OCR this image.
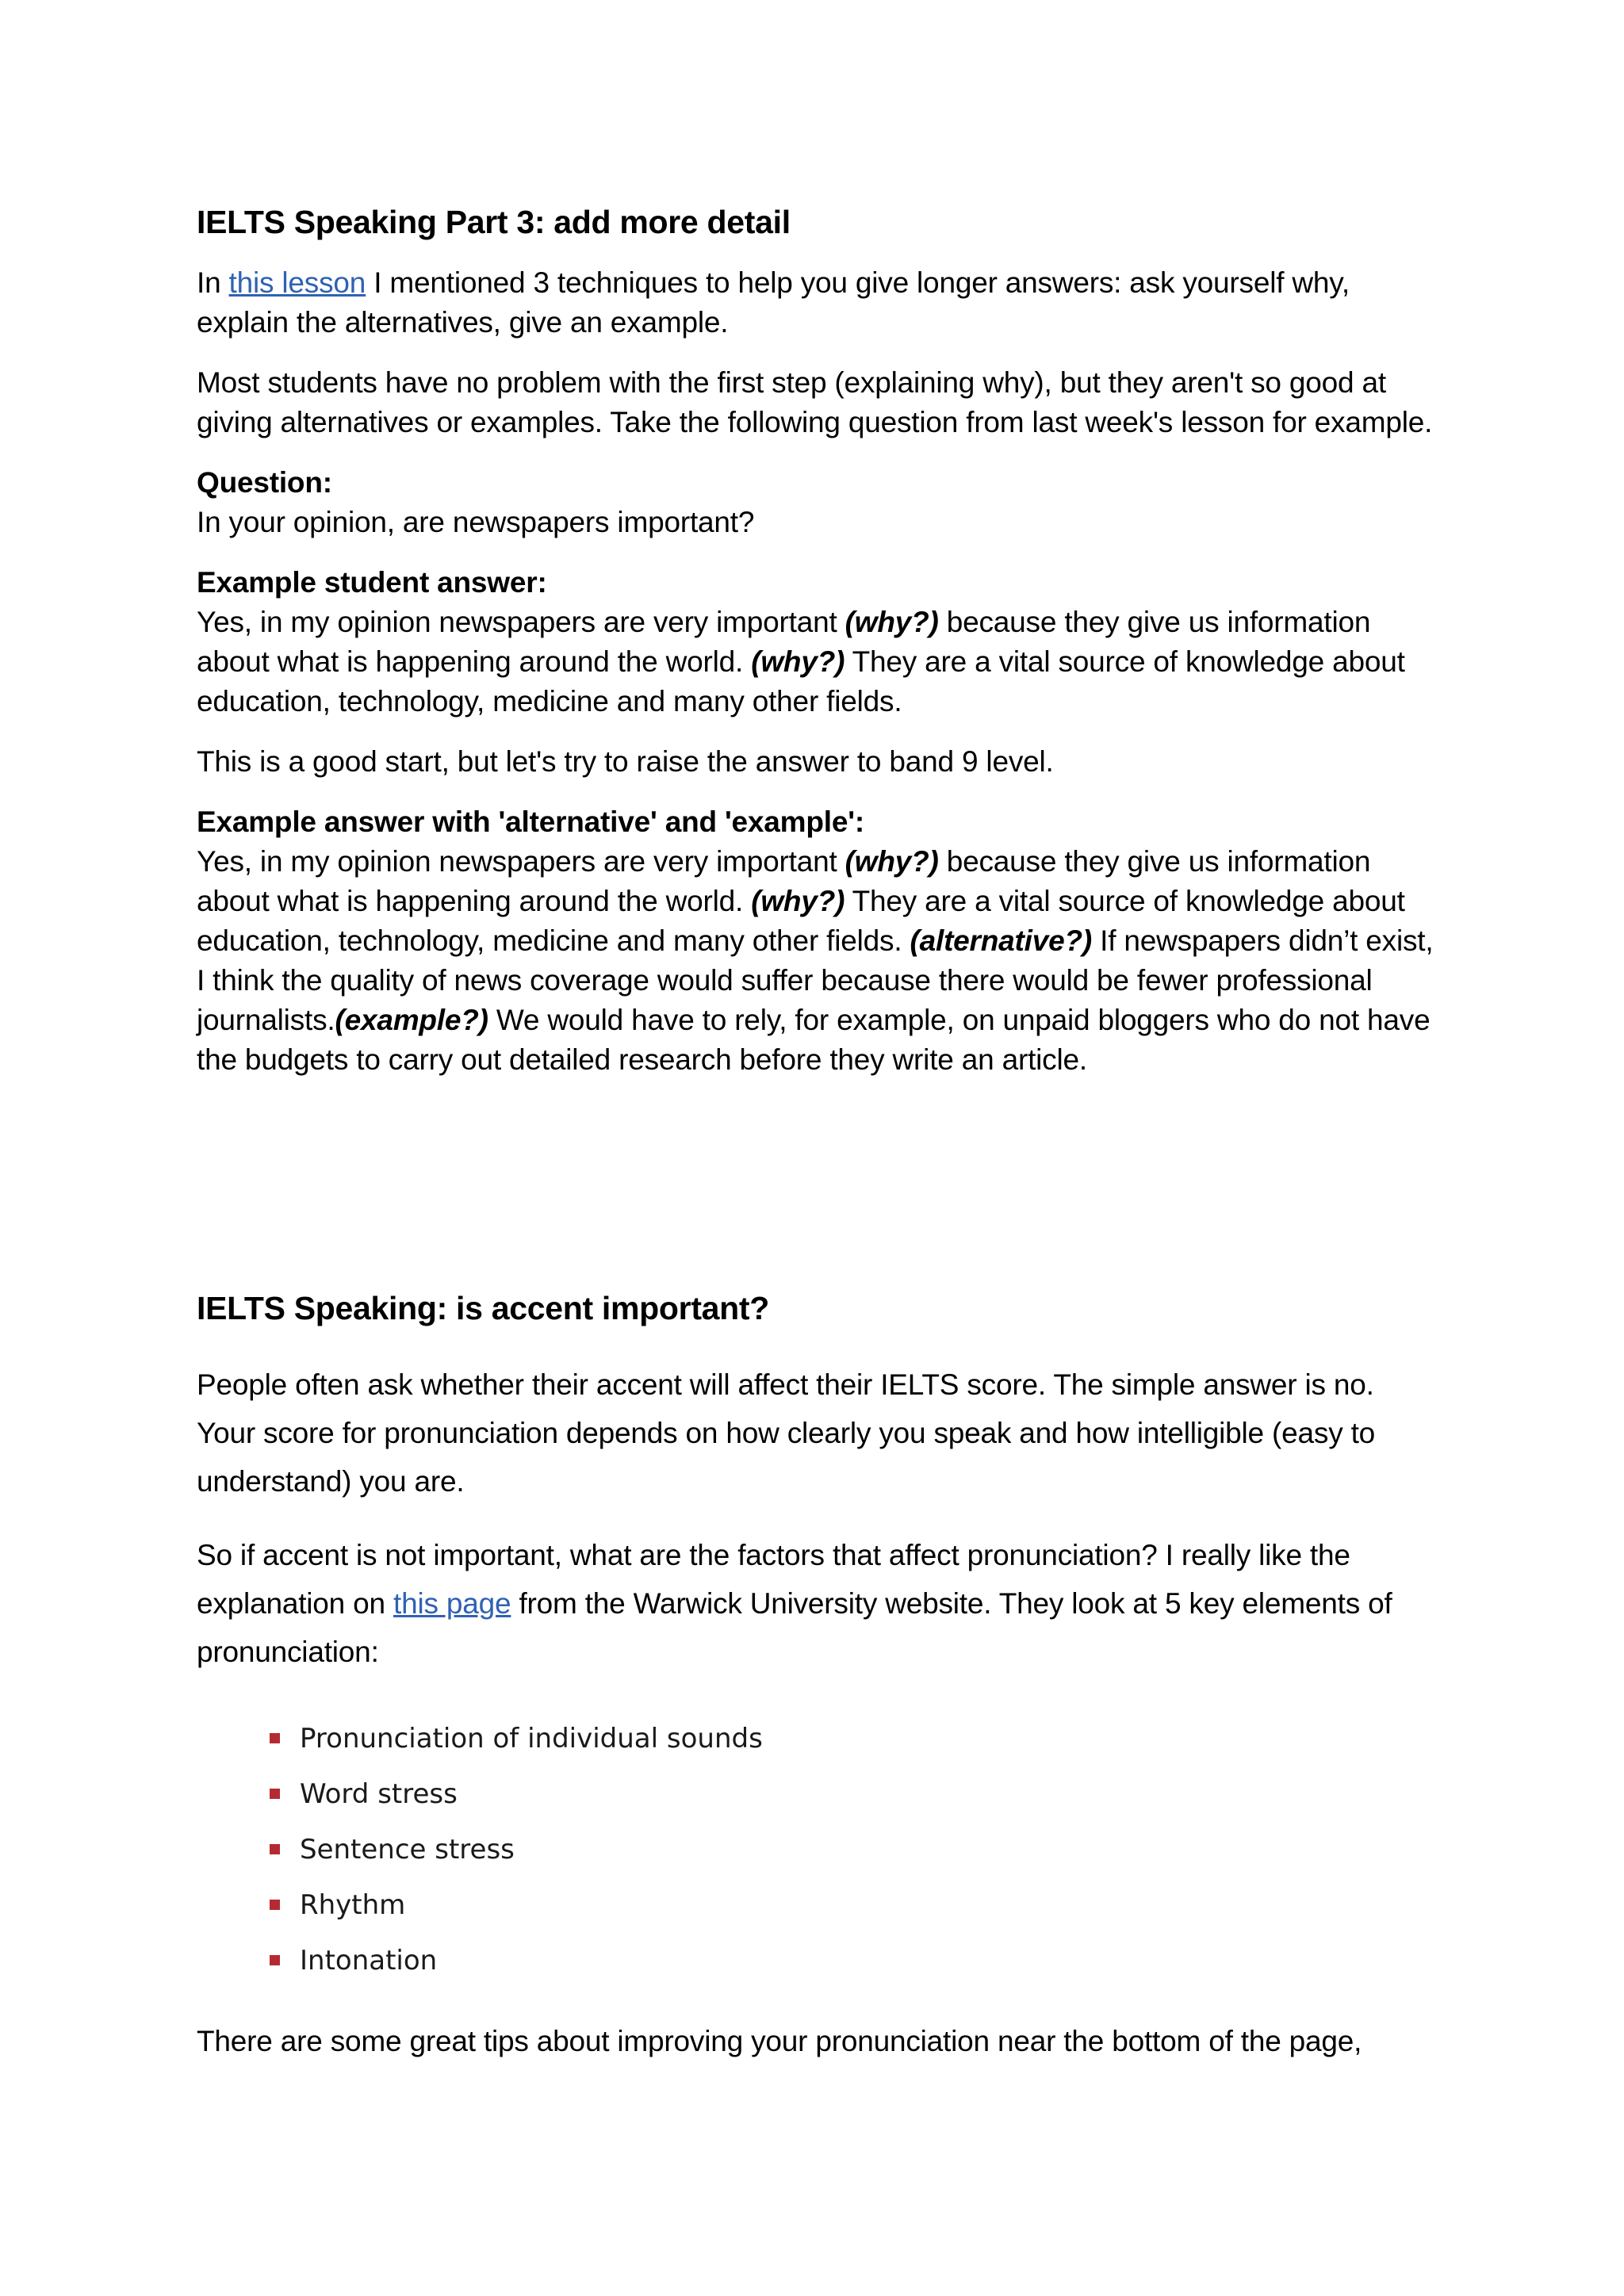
IELTS Speaking Part 3: add more detail

In this lesson I mentioned 3 techniques to help you give longer answers: ask yourself why, explain the alternatives, give an example.

Most students have no problem with the first step (explaining why), but they aren't so good at giving alternatives or examples. Take the following question from last week's lesson for example.

Question:
In your opinion, are newspapers important?

Example student answer:
Yes, in my opinion newspapers are very important (why?) because they give us information about what is happening around the world. (why?) They are a vital source of knowledge about education, technology, medicine and many other fields.

This is a good start, but let's try to raise the answer to band 9 level.

Example answer with 'alternative' and 'example':
Yes, in my opinion newspapers are very important (why?) because they give us information about what is happening around the world. (why?) They are a vital source of knowledge about education, technology, medicine and many other fields. (alternative?) If newspapers didn’t exist, I think the quality of news coverage would suffer because there would be fewer professional journalists.(example?) We would have to rely, for example, on unpaid bloggers who do not have the budgets to carry out detailed research before they write an article.

IELTS Speaking: is accent important?

People often ask whether their accent will affect their IELTS score. The simple answer is no. Your score for pronunciation depends on how clearly you speak and how intelligible (easy to understand) you are.

So if accent is not important, what are the factors that affect pronunciation? I really like the explanation on this page from the Warwick University website. They look at 5 key elements of pronunciation:

Pronunciation of individual sounds
Word stress
Sentence stress
Rhythm
Intonation

There are some great tips about improving your pronunciation near the bottom of the page,
